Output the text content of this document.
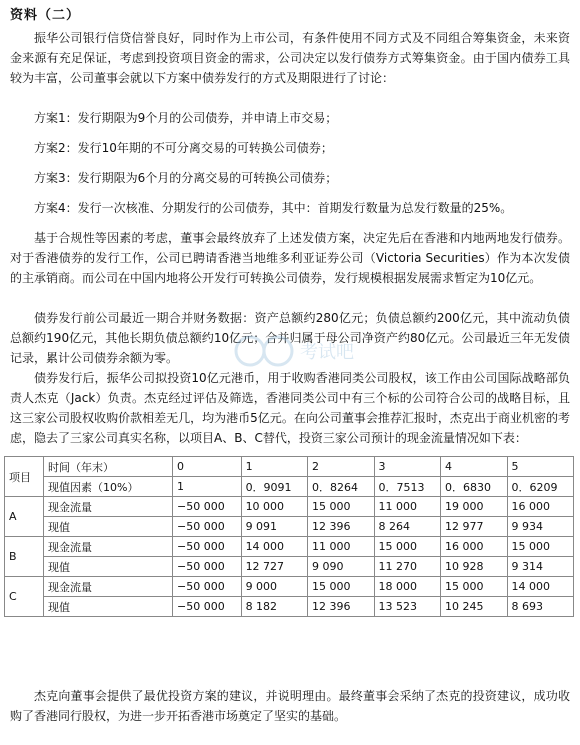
资料（二）
振华公司银行信贷信誉良好，同时作为上市公司，有条件使用不同方式及不同组合筹集资金，未来资金来源有充足保证，考虑到投资项目资金的需求，公司决定以发行债券方式筹集资金。由于国内债券工具较为丰富，公司董事会就以下方案中债券发行的方式及期限进行了讨论：
方案1：发行期限为9个月的公司债券，并申请上市交易；
方案2：发行10年期的不可分离交易的可转换公司债券；
方案3：发行期限为6个月的分离交易的可转换公司债券；
方案4：发行一次核准、分期发行的公司债券，其中：首期发行数量为总发行数量的25%。
基于合规性等因素的考虑，董事会最终放弃了上述发债方案，决定先后在香港和内地两地发行债券。对于香港债券的发行工作，公司已聘请香港当地维多利亚证券公司（Victoria Securities）作为本次发债的主承销商。而公司在中国内地将公开发行可转换公司债券，发行规模根据发展需求暂定为10亿元。
债券发行前公司最近一期合并财务数据：资产总额约280亿元；负债总额约200亿元，其中流动负债总额约190亿元，其他长期负债总额约10亿元；合并归属于母公司净资产约80亿元。公司最近三年无发债记录，累计公司债券余额为零。	考试吧
债券发行后，振华公司拟投资10亿元港币，用于收购香港同类公司股权，该工作由公司国际战略部负责人杰克（Jack）负责。杰克经过评估及筛选，香港同类公司中有三个标的公司符合公司的战略目标，且这三家公司股权收购价款相差无几，均为港币5亿元。在向公司董事会推荐汇报时，杰克出于商业机密的考虑，隐去了三家公司真实名称，以项目A、B、C替代，投资三家公司预计的现金流量情况如下表：
项目	时间（年末）	0	1	2	3	4	5
	现值因素（10%）	1	0．9091	0．8264	0．7513	0．6830	0．6209
A	现金流量	−50 000	10 000	15 000	11 000	19 000	16 000
	现值	−50 000	9 091	12 396	8 264	12 977	9 934
B	现金流量	−50 000	14 000	11 000	15 000	16 000	15 000
	现值	−50 000	12 727	9 090	11 270	10 928	9 314
C	现金流量	−50 000	9 000	15 000	18 000	15 000	14 000
	现值	−50 000	8 182	12 396	13 523	10 245	8 693
杰克向董事会提供了最优投资方案的建议，并说明理由。最终董事会采纳了杰克的投资建议，成功收购了香港同行股权，为进一步开拓香港市场奠定了坚实的基础。
